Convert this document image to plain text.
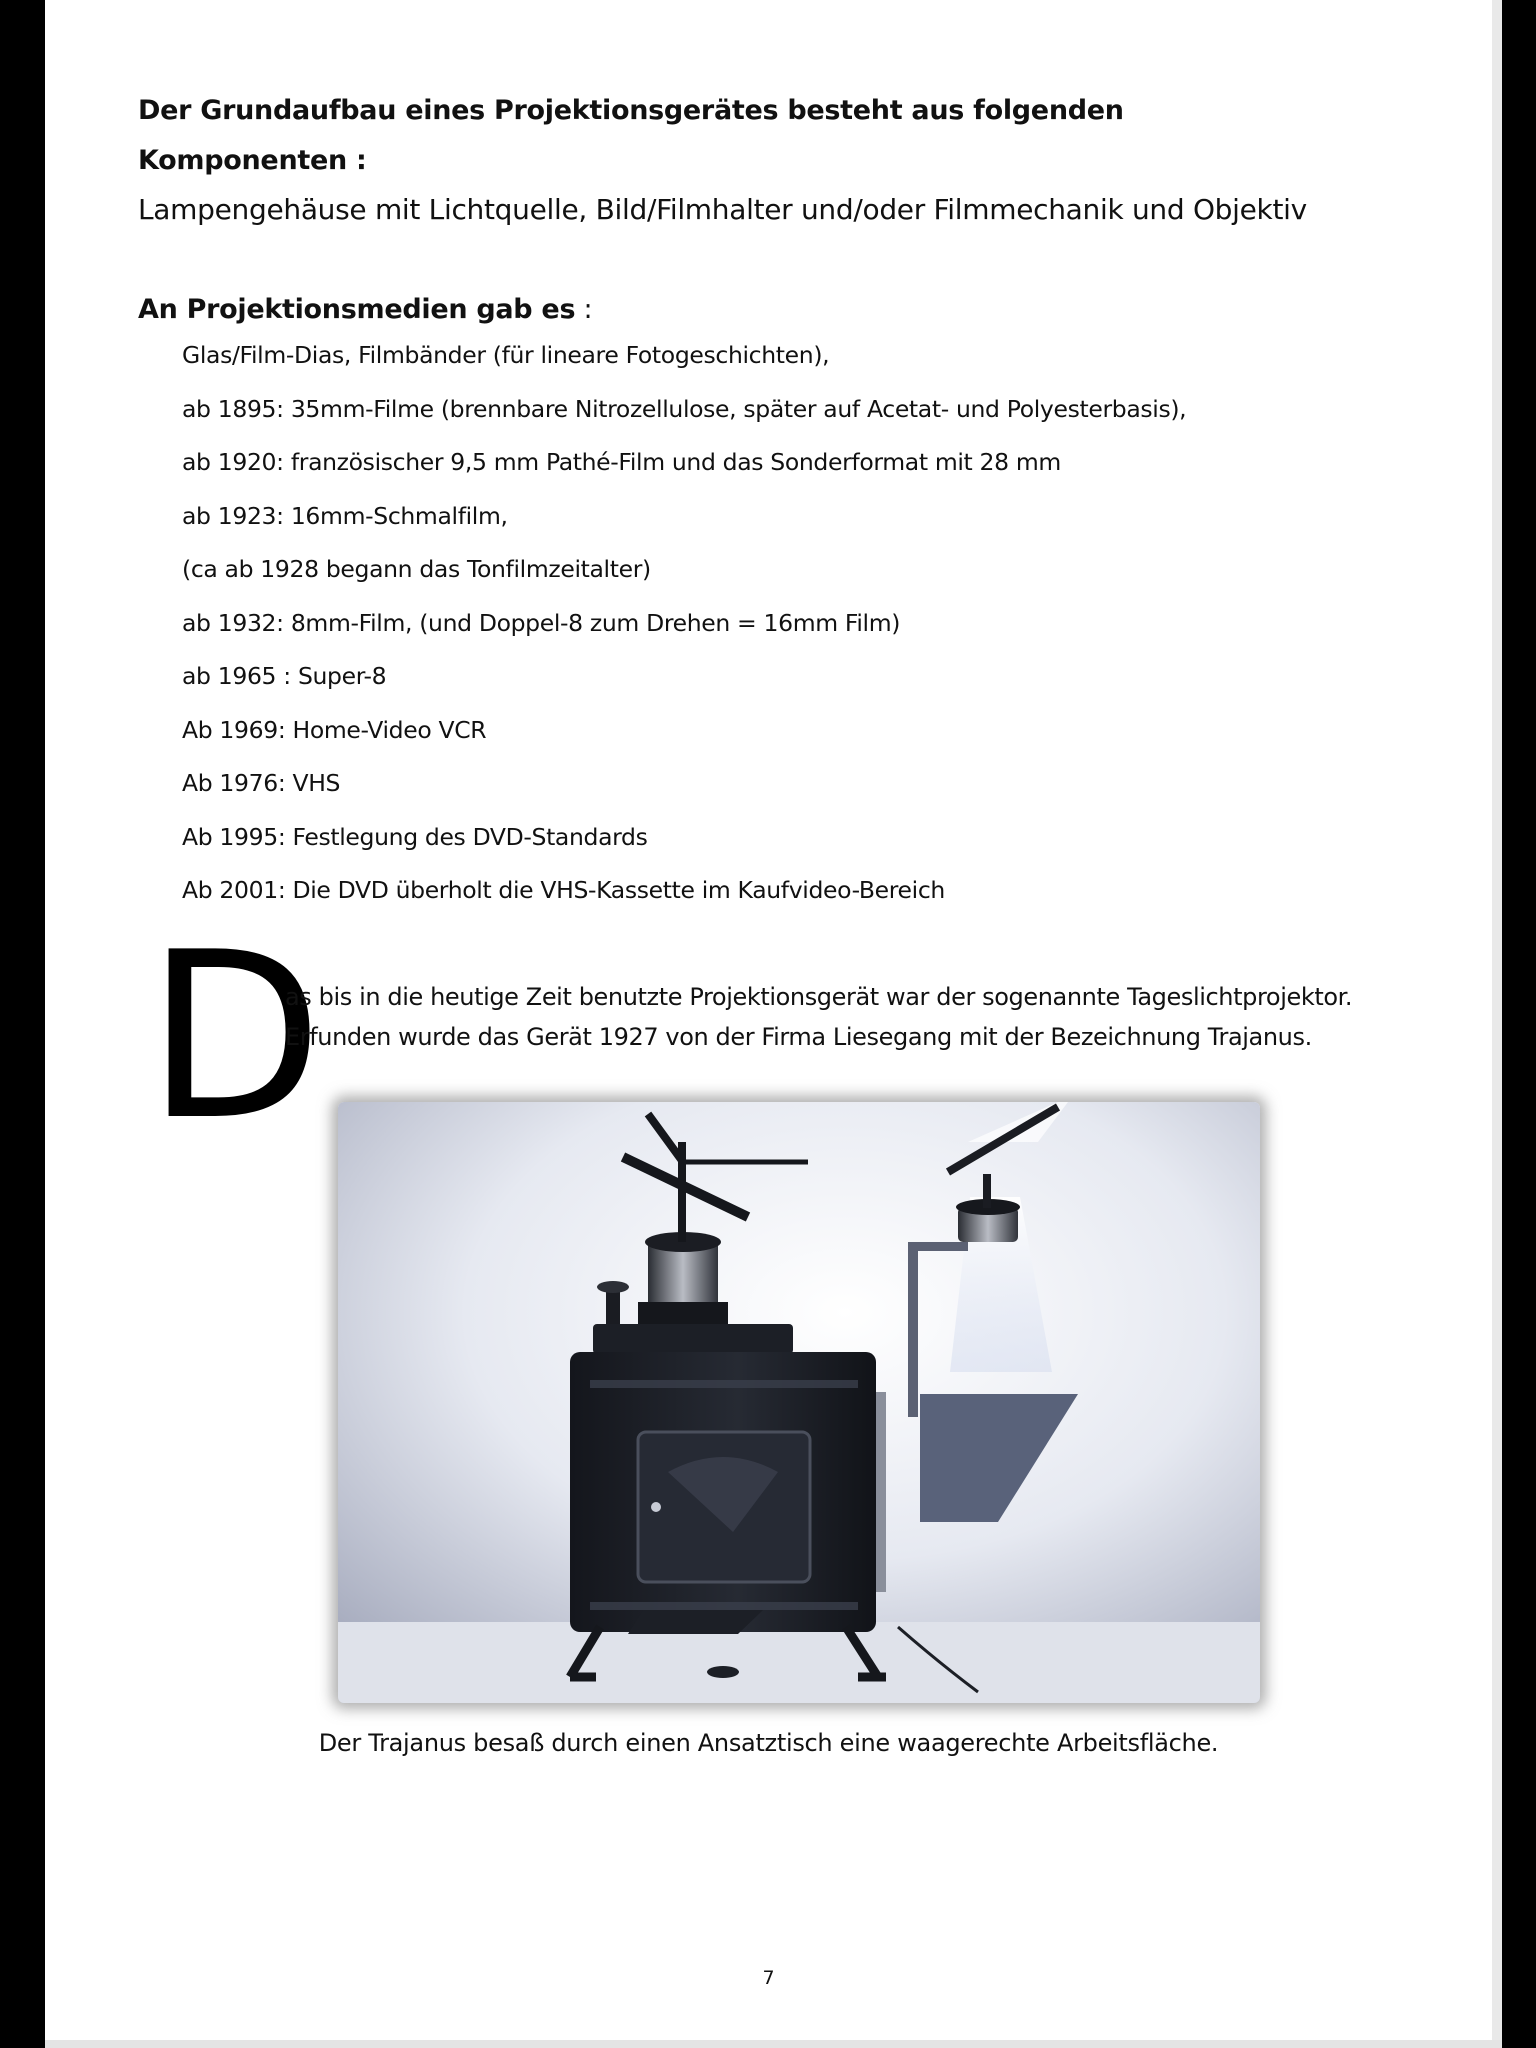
Der Grundaufbau eines Projektionsgerätes besteht aus folgenden
Komponenten :
Lampengehäuse mit Lichtquelle, Bild/Filmhalter und/oder Filmmechanik und Objektiv
An Projektionsmedien gab es :
Glas/Film-Dias, Filmbänder (für lineare Fotogeschichten),
ab 1895: 35mm-Filme (brennbare Nitrozellulose, später auf Acetat- und Polyesterbasis),
ab 1920: französischer 9,5 mm Pathé-Film und das Sonderformat mit 28 mm
ab 1923: 16mm-Schmalfilm,
(ca ab 1928 begann das Tonfilmzeitalter)
ab 1932: 8mm-Film, (und Doppel-8 zum Drehen = 16mm Film)
ab 1965 : Super-8
Ab 1969: Home-Video VCR
Ab 1976: VHS
Ab 1995: Festlegung des DVD-Standards
Ab 2001: Die DVD überholt die VHS-Kassette im Kaufvideo-Bereich
D
as bis in die heutige Zeit benutzte Projektionsgerät war der sogenannte Tageslichtprojektor.
Erfunden wurde das Gerät 1927 von der Firma Liesegang mit der Bezeichnung Trajanus.
Der Trajanus besaß durch einen Ansatztisch eine waagerechte Arbeitsfläche.
7
